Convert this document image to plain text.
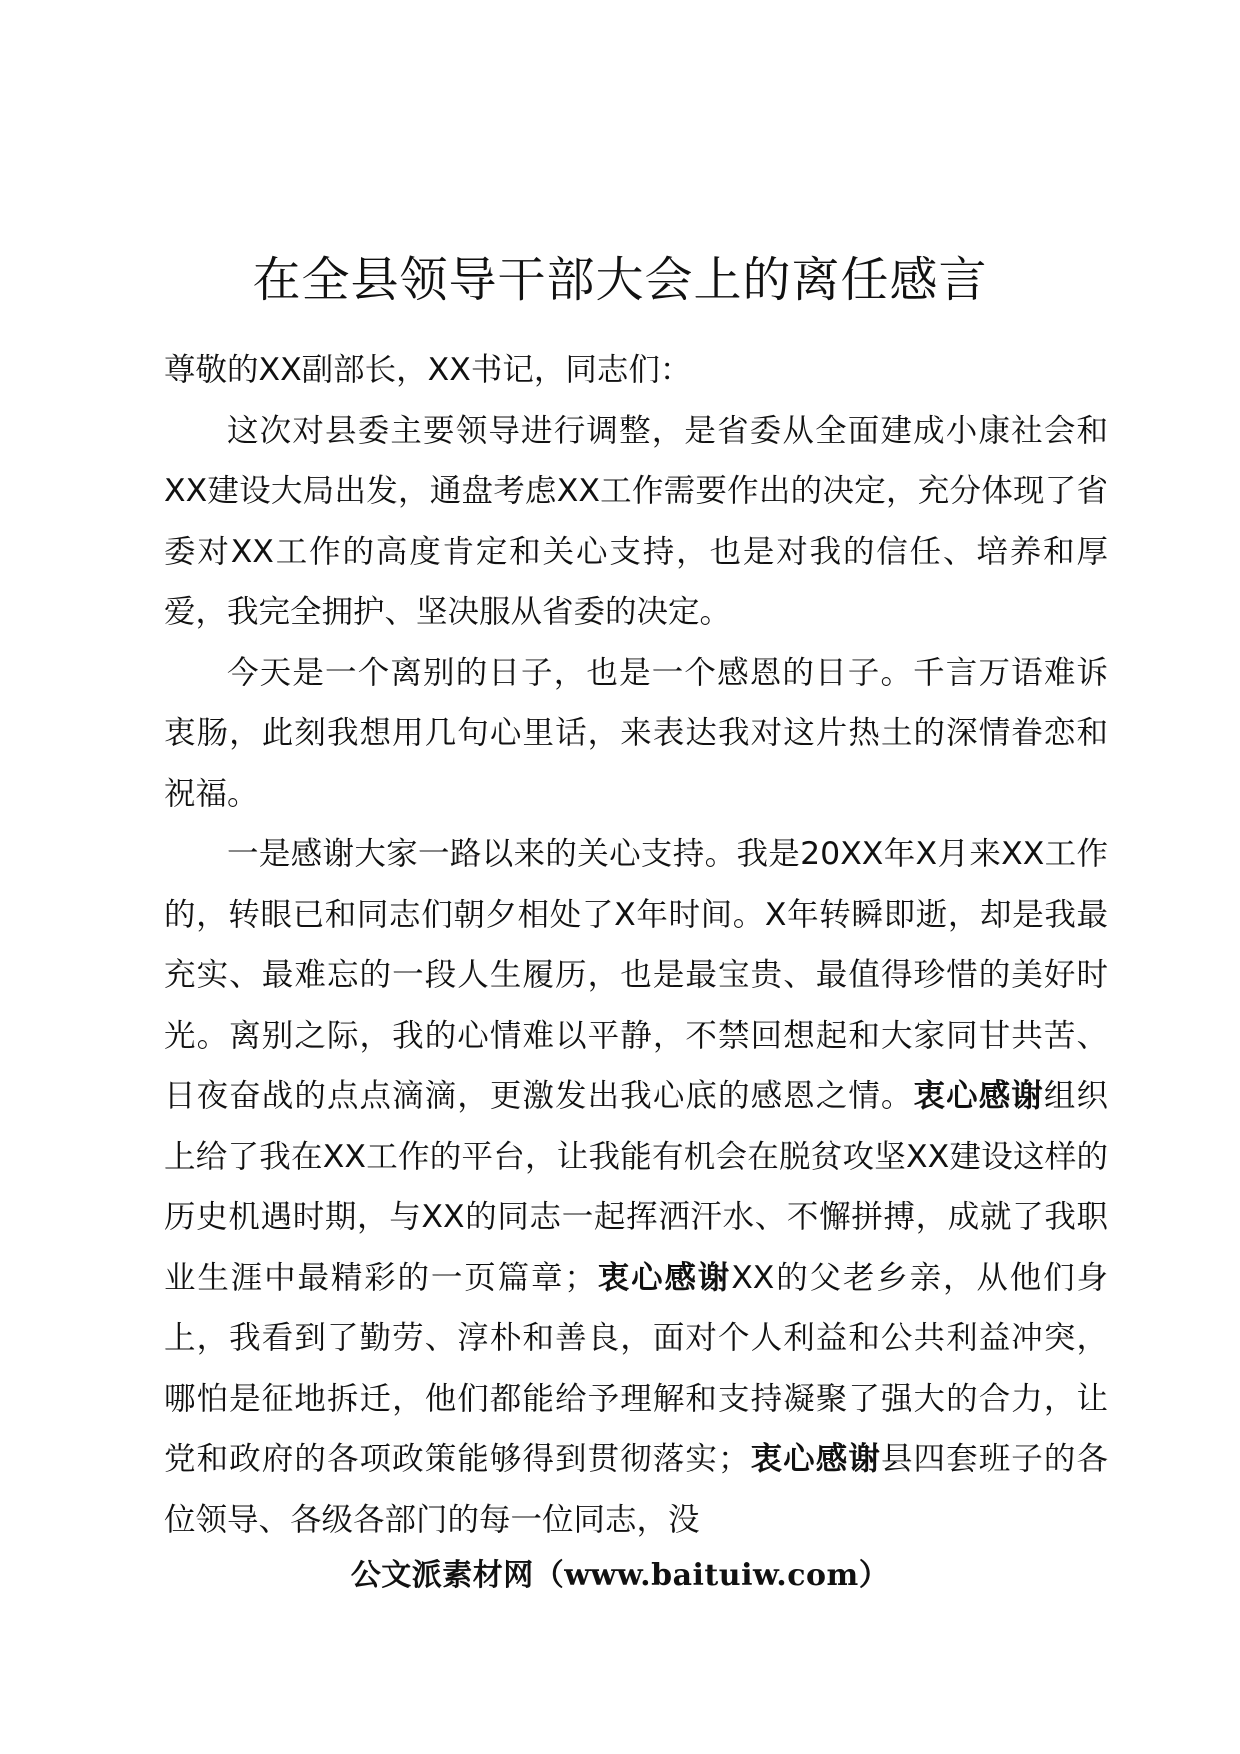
在全县领导干部大会上的离任感言

尊敬的XX副部长，XX书记，同志们：

这次对县委主要领导进行调整，是省委从全面建成小康社会和XX建设大局出发，通盘考虑XX工作需要作出的决定，充分体现了省委对XX工作的高度肯定和关心支持，也是对我的信任、培养和厚爱，我完全拥护、坚决服从省委的决定。

今天是一个离别的日子，也是一个感恩的日子。千言万语难诉衷肠，此刻我想用几句心里话，来表达我对这片热土的深情眷恋和祝福。

一是感谢大家一路以来的关心支持。我是20XX年X月来XX工作的，转眼已和同志们朝夕相处了X年时间。X年转瞬即逝，却是我最充实、最难忘的一段人生履历，也是最宝贵、最值得珍惜的美好时光。离别之际，我的心情难以平静，不禁回想起和大家同甘共苦、日夜奋战的点点滴滴，更激发出我心底的感恩之情。衷心感谢组织上给了我在XX工作的平台，让我能有机会在脱贫攻坚XX建设这样的历史机遇时期，与XX的同志一起挥洒汗水、不懈拼搏，成就了我职业生涯中最精彩的一页篇章；衷心感谢XX的父老乡亲，从他们身上，我看到了勤劳、淳朴和善良，面对个人利益和公共利益冲突，哪怕是征地拆迁，他们都能给予理解和支持凝聚了强大的合力，让党和政府的各项政策能够得到贯彻落实；衷心感谢县四套班子的各位领导、各级各部门的每一位同志，没

公文派素材网（www.baituiw.com）
